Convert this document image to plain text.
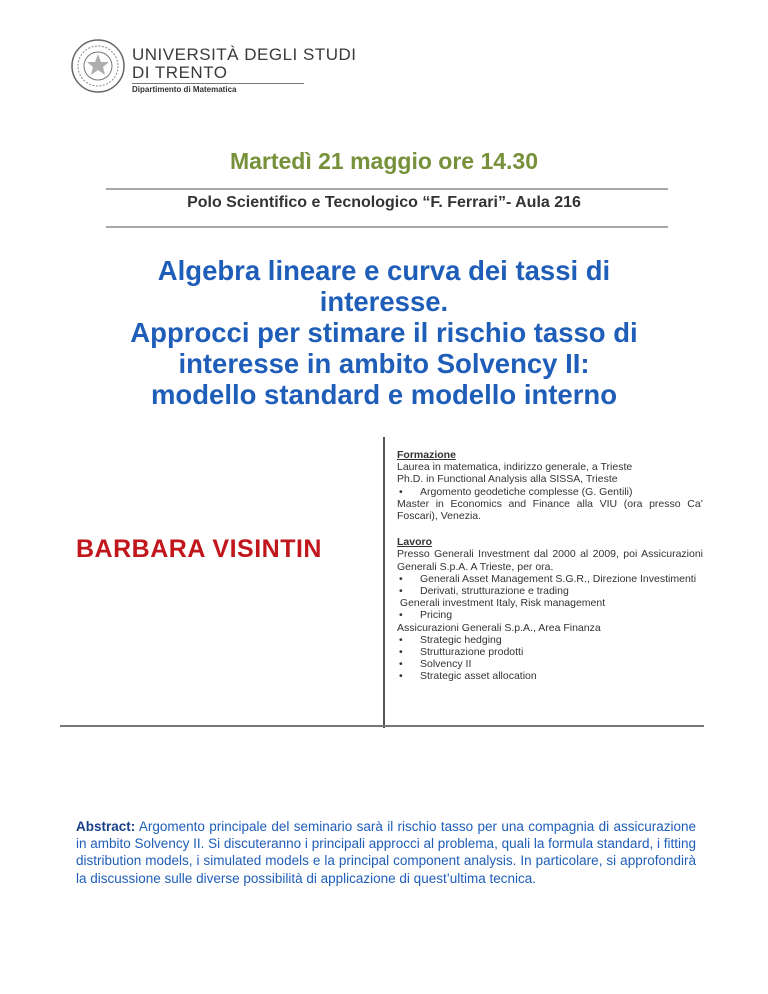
UNIVERSITÀ DEGLI STUDI
DI TRENTO
Dipartimento di Matematica
Martedì 21 maggio ore 14.30
Polo Scientifico e Tecnologico “F. Ferrari”- Aula 216
Algebra lineare e curva dei tassi di
interesse.
Approcci per stimare il rischio tasso di
interesse in ambito Solvency II:
modello standard e modello interno
BARBARA VISINTIN

Formazione

Laurea in matematica, indirizzo generale, a Trieste

Ph.D. in Functional Analysis alla SISSA, Trieste

• Argomento geodetiche complesse (G. Gentili)

Master in Economics and Finance alla VIU (ora presso Ca’ Foscari), Venezia.

Lavoro

Presso Generali Investment dal 2000 al 2009, poi Assicurazioni Generali S.p.A. A Trieste, per ora.

• Generali Asset Management S.G.R., Direzione Investimenti
• Derivati, strutturazione e trading

Generali investment Italy, Risk management

• Pricing

Assicurazioni Generali S.p.A., Area Finanza

• Strategic hedging
• Strutturazione prodotti
• Solvency II
• Strategic asset allocation
Abstract: Argomento principale del seminario sarà il rischio tasso per una compagnia di assicurazione in ambito Solvency II. Si discuteranno i principali approcci al problema, quali la formula standard, i fitting distribution models, i simulated models e la principal component analysis. In particolare, si approfondirà la discussione sulle diverse possibilità di applicazione di quest’ultima tecnica.
